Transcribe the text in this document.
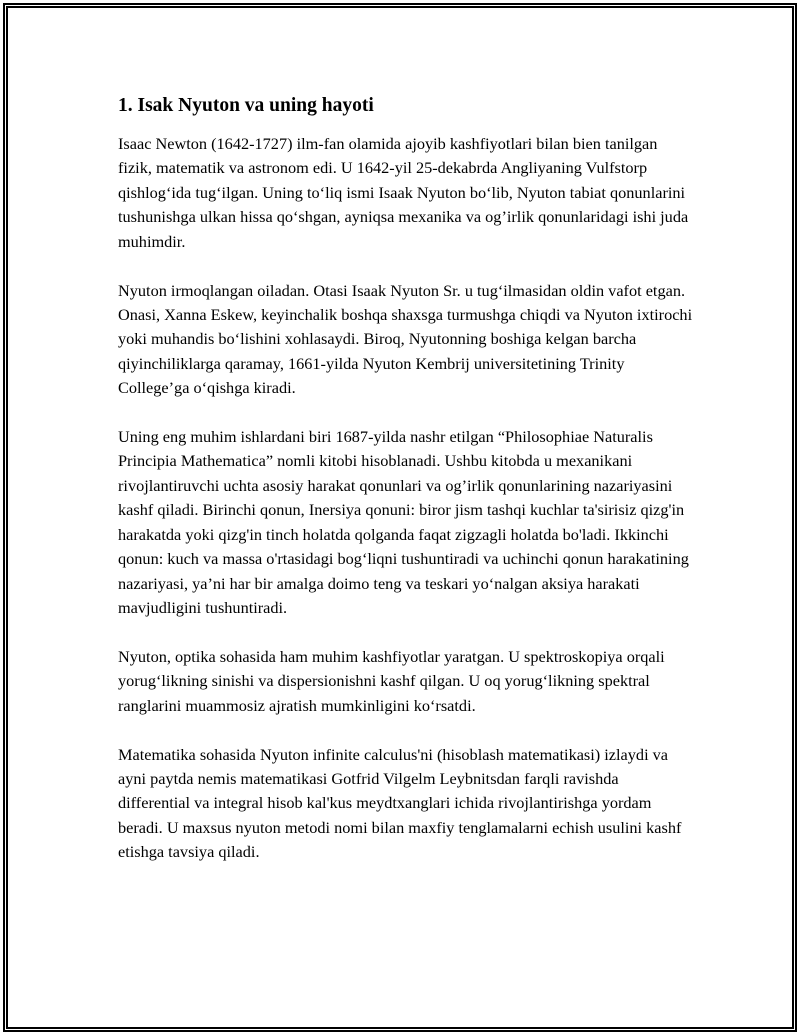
1. Isak Nyuton va uning hayoti

Isaac Newton (1642-1727) ilm-fan olamida ajoyib kashfiyotlari bilan bien tanilgan fizik, matematik va astronom edi. U 1642-yil 25-dekabrda Angliyaning Vulfstorp qishlog‘ida tug‘ilgan. Uning to‘liq ismi Isaak Nyuton bo‘lib, Nyuton tabiat qonunlarini tushunishga ulkan hissa qo‘shgan, ayniqsa mexanika va og’irlik qonunlaridagi ishi juda muhimdir.

Nyuton irmoqlangan oiladan. Otasi Isaak Nyuton Sr. u tug‘ilmasidan oldin vafot etgan. Onasi, Xanna Eskew, keyinchalik boshqa shaxsga turmushga chiqdi va Nyuton ixtirochi yoki muhandis bo‘lishini xohlasaydi. Biroq, Nyutonning boshiga kelgan barcha qiyinchiliklarga qaramay, 1661-yilda Nyuton Kembrij universitetining Trinity College’ga o‘qishga kiradi.

Uning eng muhim ishlardani biri 1687-yilda nashr etilgan “Philosophiae Naturalis Principia Mathematica” nomli kitobi hisoblanadi. Ushbu kitobda u mexanikani rivojlantiruvchi uchta asosiy harakat qonunlari va og’irlik qonunlarining nazariyasini kashf qiladi. Birinchi qonun, Inersiya qonuni: biror jism tashqi kuchlar ta'sirisiz qizg'in harakatda yoki qizg'in tinch holatda qolganda faqat zigzagli holatda bo'ladi. Ikkinchi qonun: kuch va massa o'rtasidagi bog‘liqni tushuntiradi va uchinchi qonun harakatining nazariyasi, ya’ni har bir amalga doimo teng va teskari yo‘nalgan aksiya harakati mavjudligini tushuntiradi.

Nyuton, optika sohasida ham muhim kashfiyotlar yaratgan. U spektroskopiya orqali yorug‘likning sinishi va dispersionishni kashf qilgan. U oq yorug‘likning spektral ranglarini muammosiz ajratish mumkinligini ko‘rsatdi.

Matematika sohasida Nyuton infinite calculus'ni (hisoblash matematikasi) izlaydi va ayni paytda nemis matematikasi Gotfrid Vilgelm Leybnitsdan farqli ravishda differential va integral hisob kal'kus meydtxanglari ichida rivojlantirishga yordam beradi. U maxsus nyuton metodi nomi bilan maxfiy tenglamalarni echish usulini kashf etishga tavsiya qiladi.
